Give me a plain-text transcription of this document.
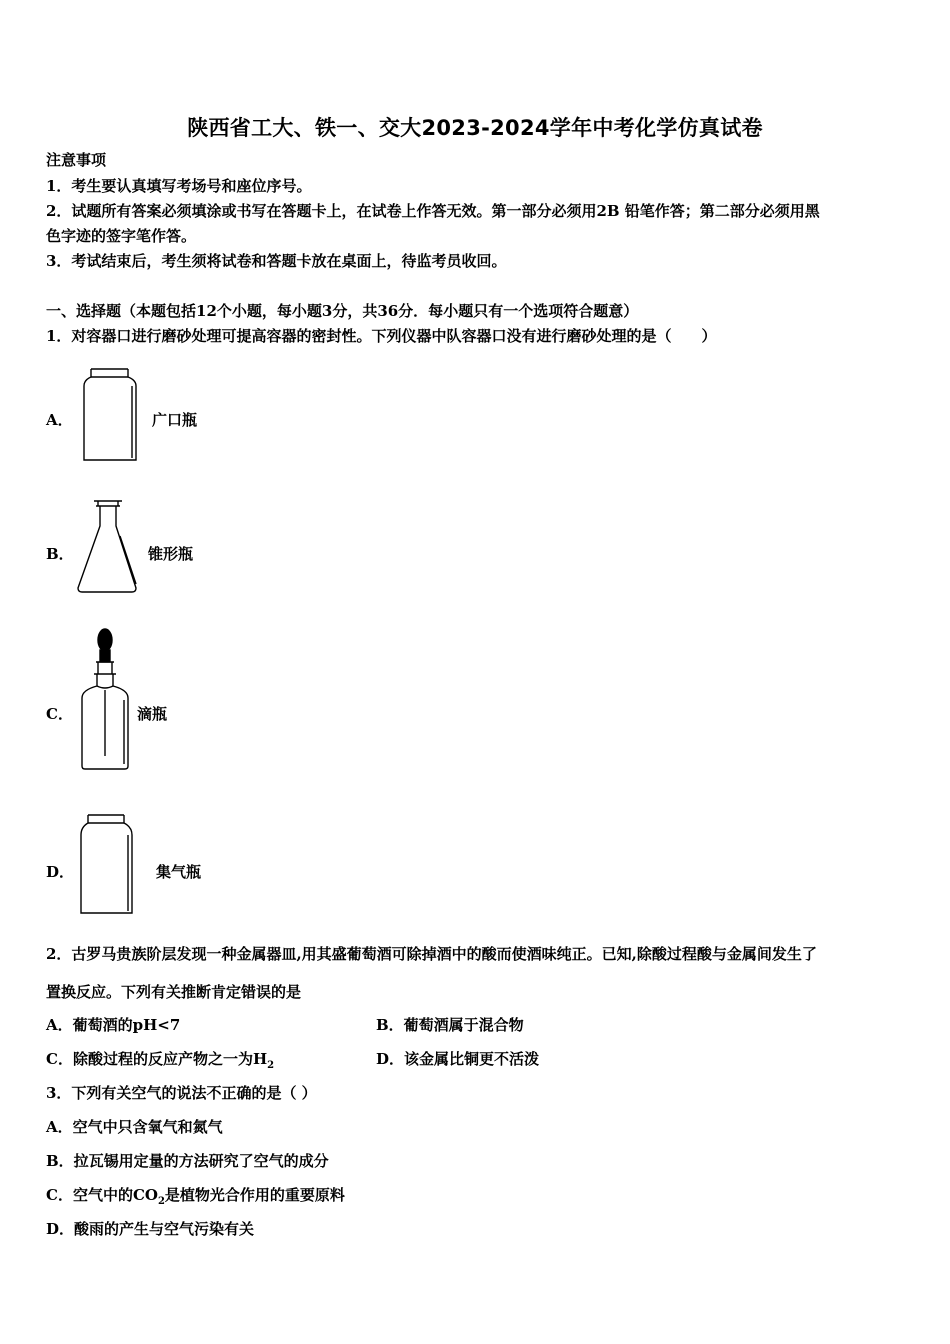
陕西省工大、铁一、交大2023-2024学年中考化学仿真试卷
注意事项
1．考生要认真填写考场号和座位序号。
2．试题所有答案必须填涂或书写在答题卡上，在试卷上作答无效。第一部分必须用2B 铅笔作答；第二部分必须用黑
色字迹的签字笔作答。
3．考试结束后，考生须将试卷和答题卡放在桌面上，待监考员收回。
一、选择题（本题包括12个小题，每小题3分，共36分．每小题只有一个选项符合题意）
1．对容器口进行磨砂处理可提高容器的密封性。下列仪器中队容器口没有进行磨砂处理的是（　　）
A．	广口瓶
B．	锥形瓶
C．	滴瓶
D．	集气瓶
2．古罗马贵族阶层发现一种金属器皿,用其盛葡萄酒可除掉酒中的酸而使酒味纯正。已知,除酸过程酸与金属间发生了
置换反应。下列有关推断肯定错误的是
A．葡萄酒的pH<7	B．葡萄酒属于混合物
C．除酸过程的反应产物之一为$H_2$	D．该金属比铜更不活泼
3．下列有关空气的说法不正确的是（ ）
A．空气中只含氧气和氮气
B．拉瓦锡用定量的方法研究了空气的成分
C．空气中的$CO_2$是植物光合作用的重要原料
D．酸雨的产生与空气污染有关
